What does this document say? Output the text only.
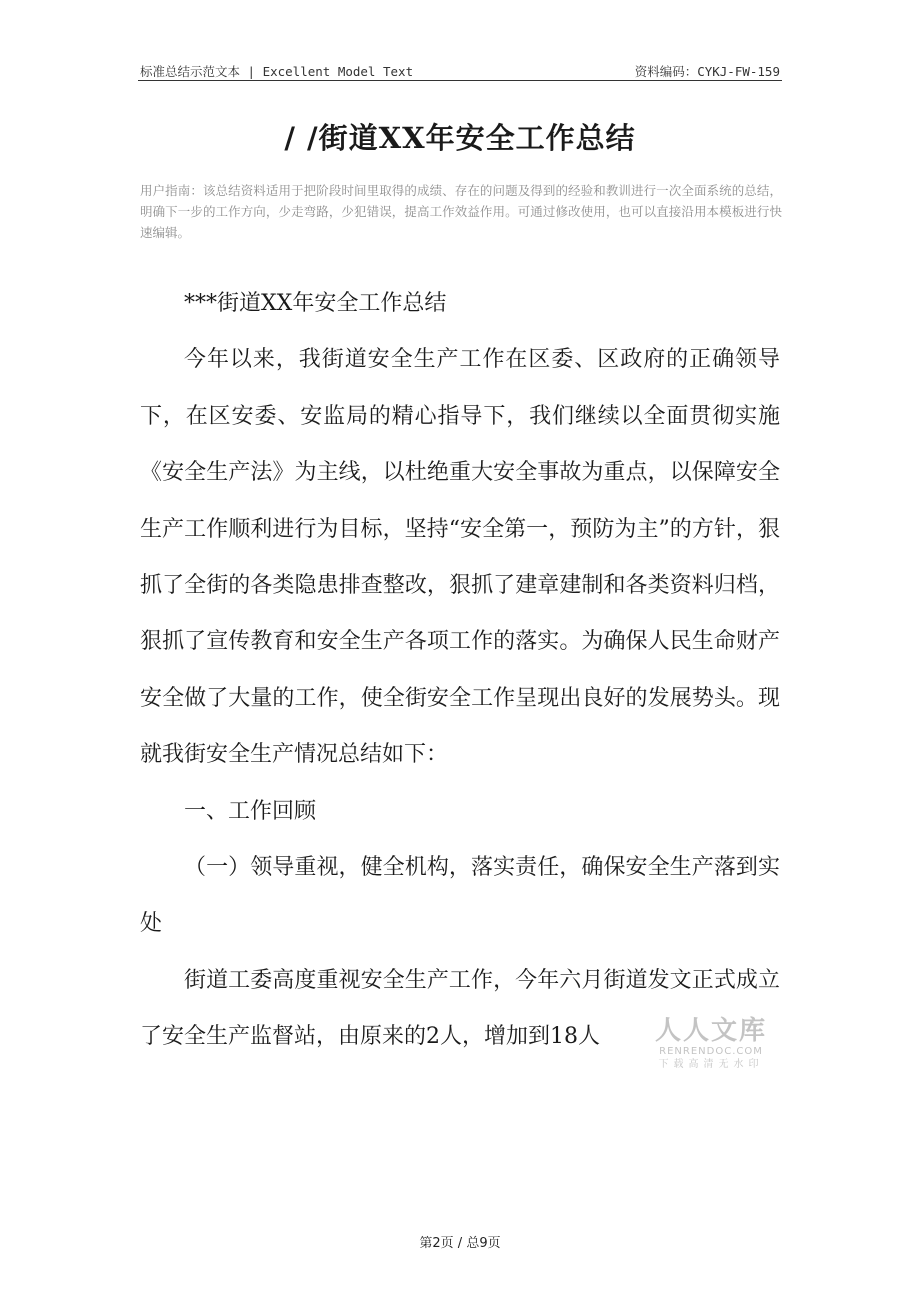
标准总结示范文本 | Excellent Model Text	资料编码：CYKJ-FW-159
/ /街道XX年安全工作总结
用户指南：该总结资料适用于把阶段时间里取得的成绩、存在的问题及得到的经验和教训进行一次全面系统的总结，明确下一步的工作方向，少走弯路，少犯错误，提高工作效益作用。可通过修改使用，也可以直接沿用本模板进行快速编辑。

***街道XX年安全工作总结

今年以来，我街道安全生产工作在区委、区政府的正确领导下，在区安委、安监局的精心指导下，我们继续以全面贯彻实施《安全生产法》为主线，以杜绝重大安全事故为重点，以保障安全生产工作顺利进行为目标，坚持“安全第一，预防为主”的方针，狠抓了全街的各类隐患排查整改，狠抓了建章建制和各类资料归档，狠抓了宣传教育和安全生产各项工作的落实。为确保人民生命财产安全做了大量的工作，使全街安全工作呈现出良好的发展势头。现就我街安全生产情况总结如下：

一、工作回顾

（一）领导重视，健全机构，落实责任，确保安全生产落到实处

街道工委高度重视安全生产工作，今年六月街道发文正式成立了安全生产监督站，由原来的2人，增加到18人	人人文库
RENRENDOC.COM
下载高清无水印
第2页 / 总9页
